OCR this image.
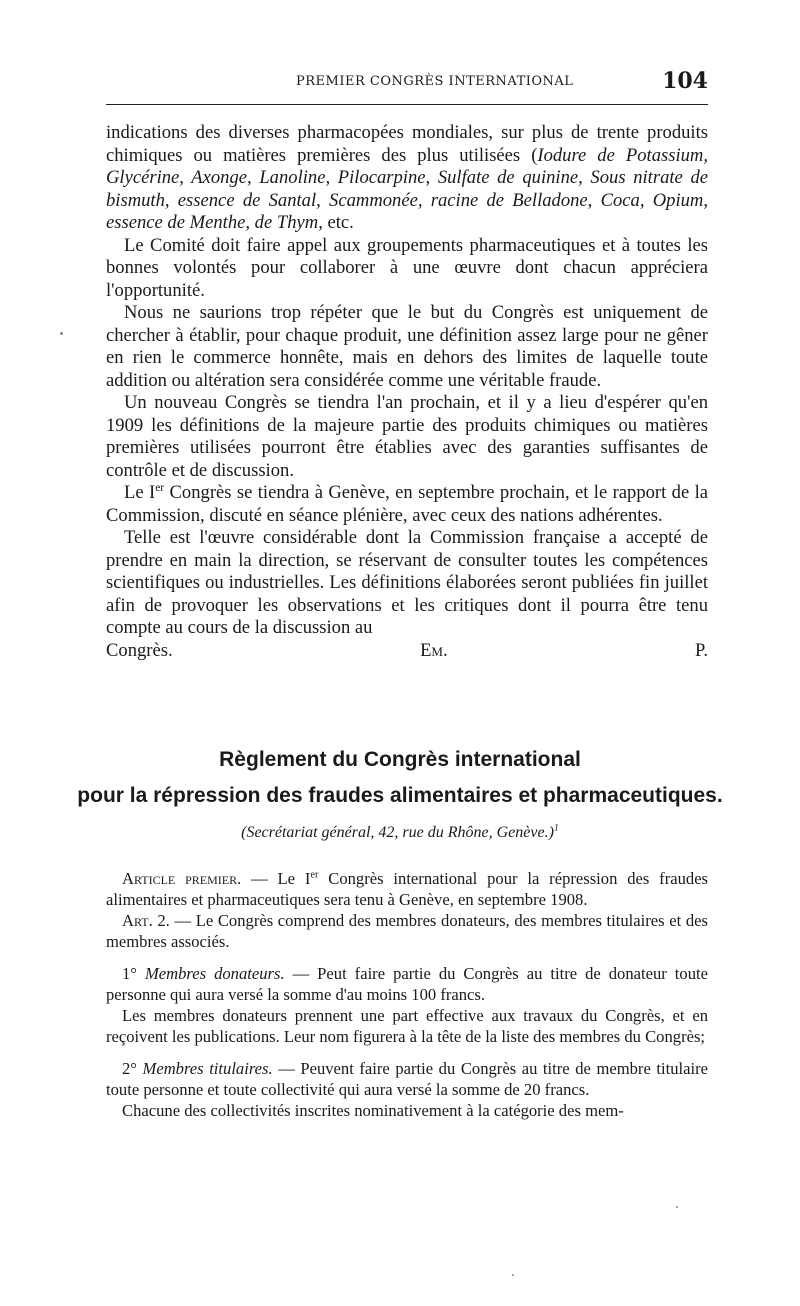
PREMIER CONGRÈS INTERNATIONAL	104

indications des diverses pharmacopées mondiales, sur plus de trente produits chimiques ou matières premières des plus utilisées (Iodure de Potassium, Glycérine, Axonge, Lanoline, Pilocarpine, Sulfate de quinine, Sous nitrate de bismuth, essence de Santal, Scammonée, racine de Belladone, Coca, Opium, essence de Menthe, de Thym, etc.

Le Comité doit faire appel aux groupements pharmaceutiques et à toutes les bonnes volontés pour collaborer à une œuvre dont chacun appréciera l'opportunité.

Nous ne saurions trop répéter que le but du Congrès est uniquement de chercher à établir, pour chaque produit, une définition assez large pour ne gêner en rien le commerce honnête, mais en dehors des limites de laquelle toute addition ou altération sera considérée comme une véritable fraude.

Un nouveau Congrès se tiendra l'an prochain, et il y a lieu d'espérer qu'en 1909 les définitions de la majeure partie des produits chimiques ou matières premières utilisées pourront être établies avec des garanties suffisantes de contrôle et de discussion.

Le Ier Congrès se tiendra à Genève, en septembre prochain, et le rapport de la Commission, discuté en séance plénière, avec ceux des nations adhérentes.

Telle est l'œuvre considérable dont la Commission française a accepté de prendre en main la direction, se réservant de consulter toutes les compétences scientifiques ou industrielles. Les définitions élaborées seront publiées fin juillet afin de provoquer les observations et les critiques dont il pourra être tenu compte au cours de la discussion au

Congrès.	Em. P.

Règlement du Congrès international
pour la répression des fraudes alimentaires et pharmaceutiques.
(Secrétariat général, 42, rue du Rhône, Genève.)$^1$

Article premier. — Le Ier Congrès international pour la répression des fraudes alimentaires et pharmaceutiques sera tenu à Genève, en septembre 1908.

Art. 2. — Le Congrès comprend des membres donateurs, des membres titulaires et des membres associés.

1° Membres donateurs. — Peut faire partie du Congrès au titre de donateur toute personne qui aura versé la somme d'au moins 100 francs.

Les membres donateurs prennent une part effective aux travaux du Congrès, et en reçoivent les publications. Leur nom figurera à la tête de la liste des membres du Congrès;

2° Membres titulaires. — Peuvent faire partie du Congrès au titre de membre titulaire toute personne et toute collectivité qui aura versé la somme de 20 francs.

Chacune des collectivités inscrites nominativement à la catégorie des mem-
